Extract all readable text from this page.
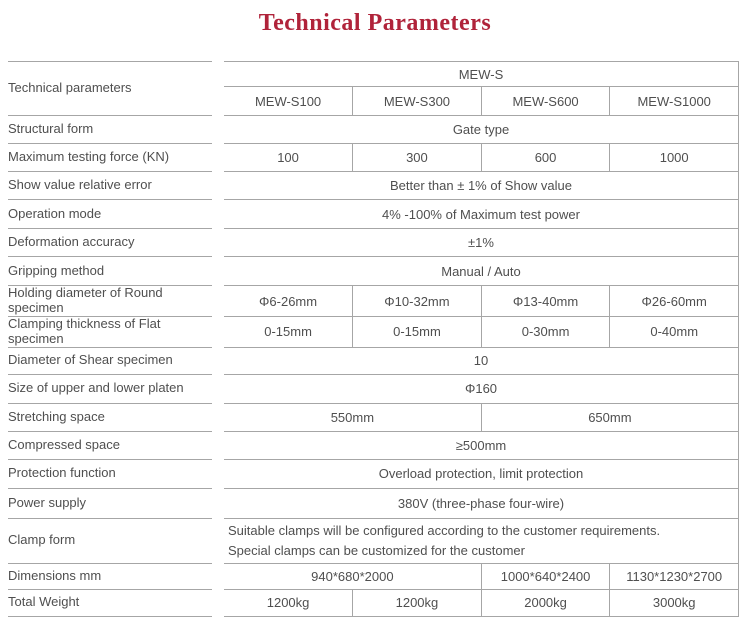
Technical Parameters
Technical parameters		MEW-S			
		MEW-S100	MEW-S300	MEW-S600	MEW-S1000
Structural form		Gate type			
Maximum testing force (KN)		100	300	600	1000
Show value relative error		Better than ± 1% of Show value			
Operation mode		4% -100% of Maximum test power			
Deformation accuracy		±1%			
Gripping method		Manual / Auto			
Holding diameter of Round specimen		Φ6-26mm	Φ10-32mm	Φ13-40mm	Φ26-60mm
Clamping thickness of Flat specimen		0-15mm	0-15mm	0-30mm	0-40mm
Diameter of Shear specimen		10			
Size of upper and lower platen		Φ160			
Stretching space		550mm		650mm	
Compressed space		≥500mm			
Protection function		Overload protection, limit protection			
Power supply		380V (three-phase four-wire)			
Clamp form		Suitable clamps will be configured according to the customer requirements.
Special clamps can be customized for the customer			

Dimensions mm		940*680*2000		1000*640*2400	1130*1230*2700
Total Weight		1200kg	1200kg	2000kg	3000kg
